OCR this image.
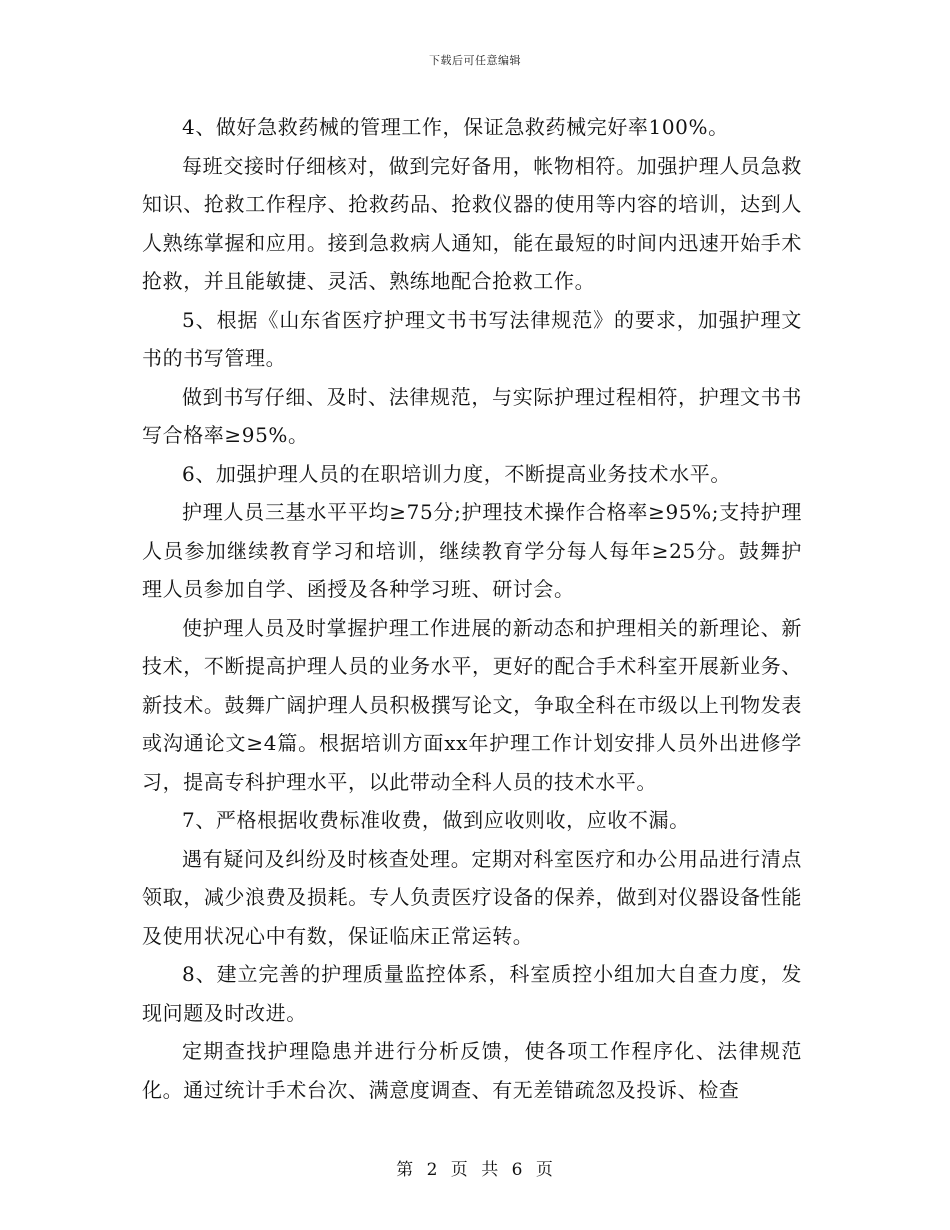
下载后可任意编辑

4、做好急救药械的管理工作，保证急救药械完好率100%。

每班交接时仔细核对，做到完好备用，帐物相符。加强护理人员急救知识、抢救工作程序、抢救药品、抢救仪器的使用等内容的培训，达到人人熟练掌握和应用。接到急救病人通知，能在最短的时间内迅速开始手术抢救，并且能敏捷、灵活、熟练地配合抢救工作。

5、根据《山东省医疗护理文书书写法律规范》的要求，加强护理文书的书写管理。

做到书写仔细、及时、法律规范，与实际护理过程相符，护理文书书写合格率≥95%。

6、加强护理人员的在职培训力度，不断提高业务技术水平。

护理人员三基水平平均≥75分;护理技术操作合格率≥95%;支持护理人员参加继续教育学习和培训，继续教育学分每人每年≥25分。鼓舞护理人员参加自学、函授及各种学习班、研讨会。

使护理人员及时掌握护理工作进展的新动态和护理相关的新理论、新技术，不断提高护理人员的业务水平，更好的配合手术科室开展新业务、新技术。鼓舞广阔护理人员积极撰写论文，争取全科在市级以上刊物发表或沟通论文≥4篇。根据培训方面xx年护理工作计划安排人员外出进修学习，提高专科护理水平，以此带动全科人员的技术水平。

7、严格根据收费标准收费，做到应收则收，应收不漏。

遇有疑问及纠纷及时核查处理。定期对科室医疗和办公用品进行清点领取，减少浪费及损耗。专人负责医疗设备的保养，做到对仪器设备性能及使用状况心中有数，保证临床正常运转。

8、建立完善的护理质量监控体系，科室质控小组加大自查力度，发现问题及时改进。

定期查找护理隐患并进行分析反馈，使各项工作程序化、法律规范化。通过统计手术台次、满意度调查、有无差错疏忽及投诉、检查

第 2 页 共 6 页
